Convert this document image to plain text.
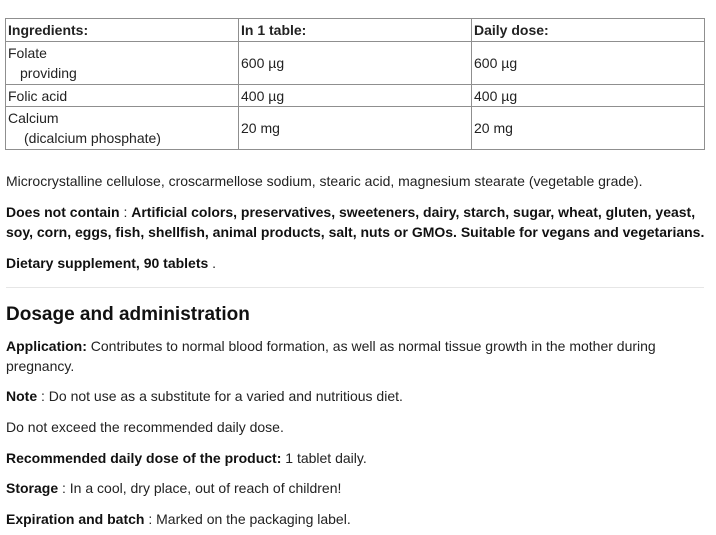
Ingredients:	In 1 table:	Daily dose:

Folate
providing	600 µg	600 µg
Folic acid	400 µg	400 µg

Calcium
(dicalcium phosphate)	20 mg	20 mg

Microcrystalline cellulose, croscarmellose sodium, stearic acid, magnesium stearate (vegetable grade).

Does not contain : Artificial colors, preservatives, sweeteners, dairy, starch, sugar, wheat, gluten, yeast, soy, corn, eggs, fish, shellfish, animal products, salt, nuts or GMOs. Suitable for vegans and vegetarians.

Dietary supplement, 90 tablets .

Dosage and administration

Application: Contributes to normal blood formation, as well as normal tissue growth in the mother during pregnancy.

Note : Do not use as a substitute for a varied and nutritious diet.

Do not exceed the recommended daily dose.

Recommended daily dose of the product: 1 tablet daily.

Storage : In a cool, dry place, out of reach of children!

Expiration and batch : Marked on the packaging label.
